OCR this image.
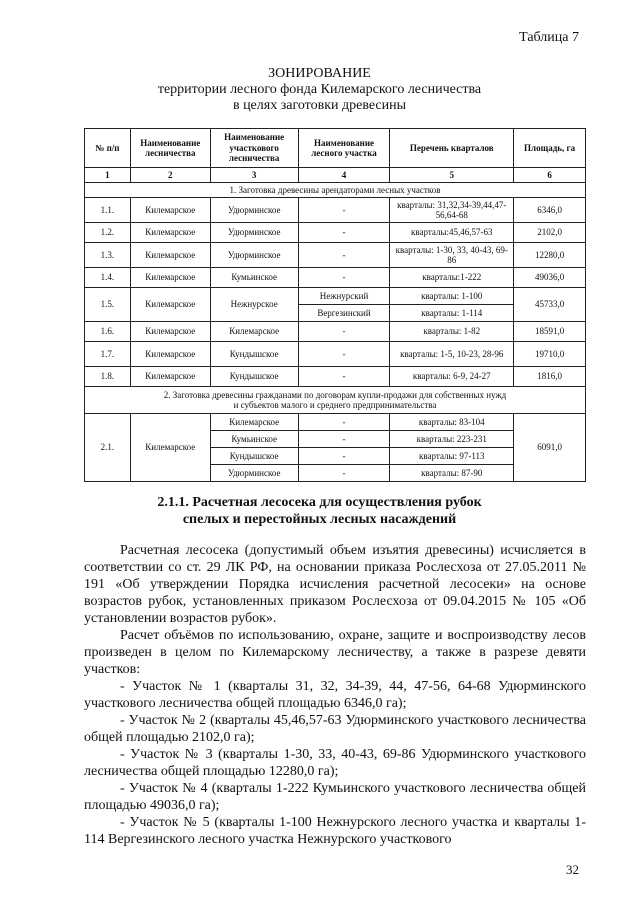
Таблица 7
ЗОНИРОВАНИЕ
территории лесного фонда Килемарского лесничества
в целях заготовки древесины
№ п/п	Наименование лесничества	Наименование участкового лесничества	Наименование лесного участка	Перечень кварталов	Площадь, га
1	2	3	4	5	6
1. Заготовка древесины арендаторами лесных участков					
1.1.	Килемарское	Удюрминское	-	кварталы: 31,32,34-39,44,47-56,64-68	6346,0
1.2.	Килемарское	Удюрминское	-	кварталы:45,46,57-63	2102,0
1.3.	Килемарское	Удюрминское	-	кварталы: 1-30, 33, 40-43, 69-86	12280,0
1.4.	Килемарское	Кумьинское	-	кварталы:1-222	49036,0
1.5.	Килемарское	Нежнурское	Нежнурский	кварталы: 1-100	45733,0
			Вергезинский	кварталы: 1-114	
1.6.	Килемарское	Килемарское	-	кварталы: 1-82	18591,0
1.7.	Килемарское	Кундышское	-	кварталы: 1-5, 10-23, 28-96	19710,0
1.8.	Килемарское	Кундышское	-	кварталы: 6-9, 24-27	1816,0

2. Заготовка древесины гражданами по договорам купли-продажи для собственных нужд
и субъектов малого и среднего предпринимательства					

2.1.	Килемарское	Килемарское	-	кварталы: 83-104	6091,0
		Кумьинское	-	кварталы: 223-231	
		Кундышское	-	кварталы: 97-113	
		Удюрминское	-	кварталы: 87-90	
2.1.1. Расчетная лесосека для осуществления рубок
спелых и перестойных лесных насаждений

Расчетная лесосека (допустимый объем изъятия древесины) исчисляется в соответствии со ст. 29 ЛК РФ, на основании приказа Рослесхоза от 27.05.2011 № 191 «Об утверждении Порядка исчисления расчетной лесосеки» на основе возрастов рубок, установленных приказом Рослесхоза от 09.04.2015 № 105 «Об установлении возрастов рубок».

Расчет объёмов по использованию, охране, защите и воспроизводству лесов произведен в целом по Килемарскому лесничеству, а также в разрезе девяти участков:

- Участок № 1 (кварталы 31, 32, 34-39, 44, 47-56, 64-68 Удюрминского участкового лесничества общей площадью 6346,0 га);

- Участок № 2 (кварталы 45,46,57-63 Удюрминского участкового лесничества общей площадью 2102,0 га);

- Участок № 3 (кварталы 1-30, 33, 40-43, 69-86 Удюрминского участкового лесничества общей площадью 12280,0 га);

- Участок № 4 (кварталы 1-222 Кумьинского участкового лесничества общей площадью 49036,0 га);

- Участок № 5 (кварталы 1-100 Нежнурского лесного участка и кварталы 1-114 Вергезинского лесного участка Нежнурского участкового

32
